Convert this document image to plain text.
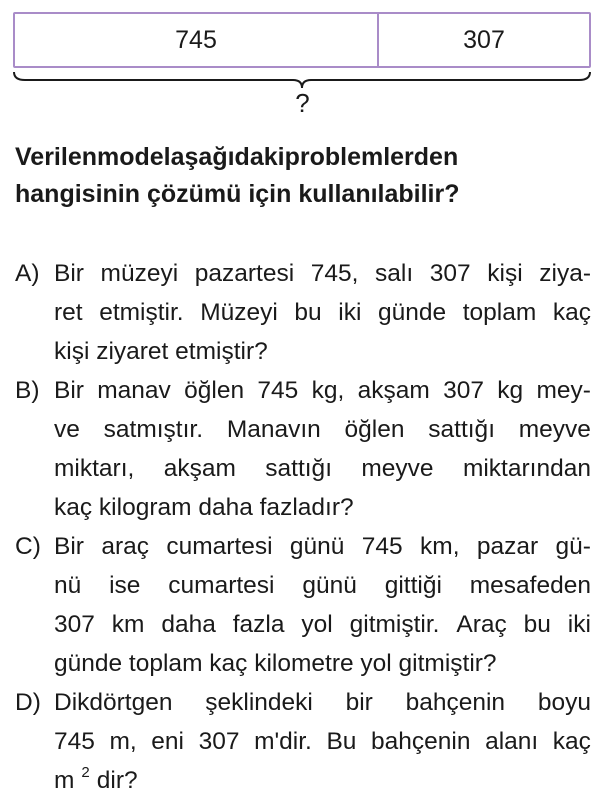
745	307
?
Verilenmodelaşağıdakiproblemlerden
hangisinin çözümü için kullanılabilir?
A) Bir müzeyi pazartesi 745, salı 307 kişi ziya-
ret etmiştir. Müzeyi bu iki günde toplam kaç
kişi ziyaret etmiştir?
B) Bir manav öğlen 745 kg, akşam 307 kg mey-
ve satmıştır. Manavın öğlen sattığı meyve
miktarı, akşam sattığı meyve miktarından
kaç kilogram daha fazladır?
C) Bir araç cumartesi günü 745 km, pazar gü-
nü ise cumartesi günü gittiği mesafeden
307 km daha fazla yol gitmiştir. Araç bu iki
günde toplam kaç kilometre yol gitmiştir?
D) Dikdörtgen şeklindeki bir bahçenin boyu
745 m, eni 307 m'dir. Bu bahçenin alanı kaç
m $^2$ dir?
